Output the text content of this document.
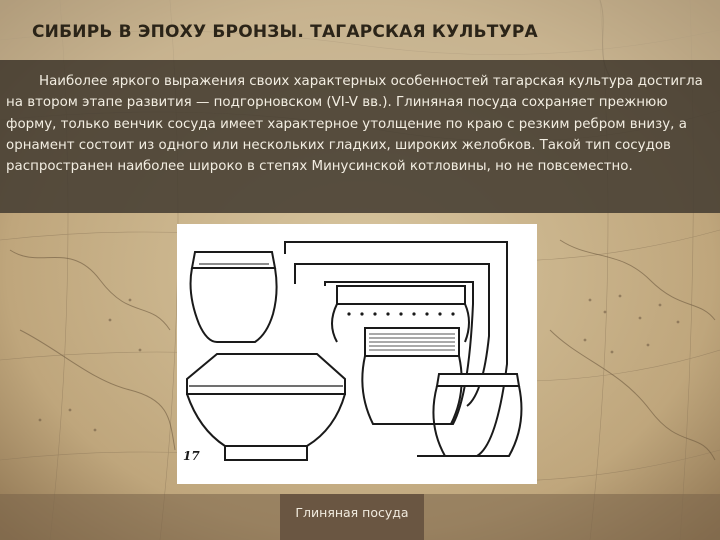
СИБИРЬ В ЭПОХУ БРОНЗЫ. ТАГАРСКАЯ КУЛЬТУРА

Наиболее яркого выражения своих характерных особенностей тагарская культура достигла на втором этапе развития — подгорновском (VI-V вв.). Глиняная посуда сохраняет прежнюю форму, только венчик сосуда имеет характерное утолщение по краю с резким ребром внизу, а орнамент состоит из одного или нескольких гладких, широких желобков. Такой тип сосудов распространен наиболее широко в степях Минусинской котловины, но не повсеместно.

17
Глиняная посуда
